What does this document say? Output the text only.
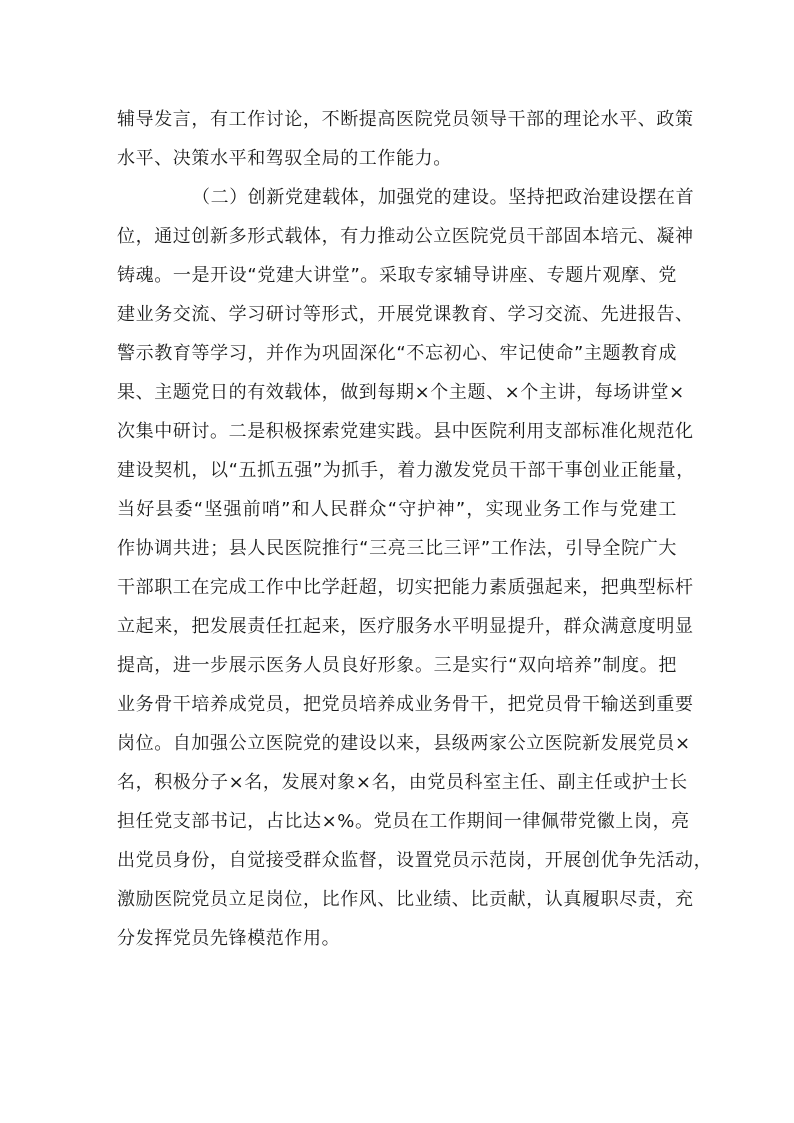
辅导发言，有工作讨论，不断提高医院党员领导干部的理论水平、政策
水平、决策水平和驾驭全局的工作能力。
（二）创新党建载体，加强党的建设。坚持把政治建设摆在首
位，通过创新多形式载体，有力推动公立医院党员干部固本培元、凝神
铸魂。一是开设“党建大讲堂”。采取专家辅导讲座、专题片观摩、党
建业务交流、学习研讨等形式，开展党课教育、学习交流、先进报告、
警示教育等学习，并作为巩固深化“不忘初心、牢记使命”主题教育成
果、主题党日的有效载体，做到每期×个主题、×个主讲，每场讲堂×
次集中研讨。二是积极探索党建实践。县中医院利用支部标准化规范化
建设契机，以“五抓五强”为抓手，着力激发党员干部干事创业正能量，
当好县委“坚强前哨”和人民群众“守护神”，实现业务工作与党建工
作协调共进；县人民医院推行“三亮三比三评”工作法，引导全院广大
干部职工在完成工作中比学赶超，切实把能力素质强起来，把典型标杆
立起来，把发展责任扛起来，医疗服务水平明显提升，群众满意度明显
提高，进一步展示医务人员良好形象。三是实行“双向培养”制度。把
业务骨干培养成党员，把党员培养成业务骨干，把党员骨干输送到重要
岗位。自加强公立医院党的建设以来，县级两家公立医院新发展党员×
名，积极分子×名，发展对象×名，由党员科室主任、副主任或护士长
担任党支部书记，占比达×%。党员在工作期间一律佩带党徽上岗，亮
出党员身份，自觉接受群众监督，设置党员示范岗，开展创优争先活动，
激励医院党员立足岗位，比作风、比业绩、比贡献，认真履职尽责，充
分发挥党员先锋模范作用。
